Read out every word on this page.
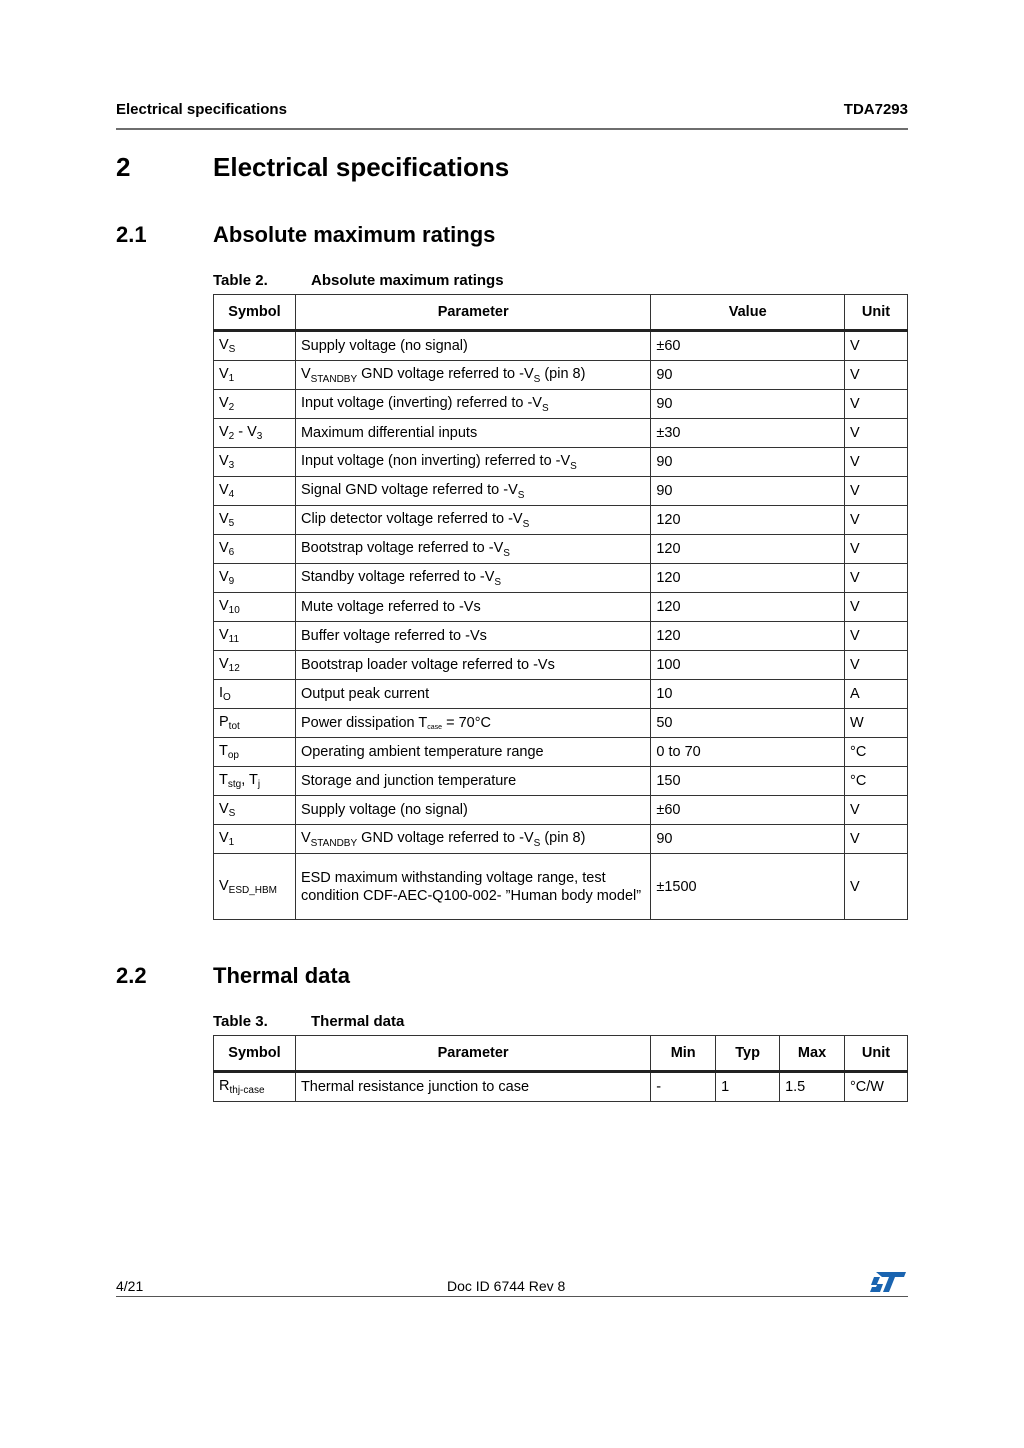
Electrical specifications	TDA7293
2	Electrical specifications
2.1	Absolute maximum ratings
Table 2.	Absolute maximum ratings
Symbol	Parameter	Value	Unit
$V_S$	Supply voltage (no signal)	±60	V
$V_1$	$V_{STANDBY}$ GND voltage referred to $-V_S$ (pin 8)	90	V
$V_2$	Input voltage (inverting) referred to $-V_S$	90	V
$V_2 - V_3$	Maximum differential inputs	±30	V
$V_3$	Input voltage (non inverting) referred to $-V_S$	90	V
$V_4$	Signal GND voltage referred to $-V_S$	90	V
$V_5$	Clip detector voltage referred to $-V_S$	120	V
$V_6$	Bootstrap voltage referred to $-V_S$	120	V
$V_9$	Standby voltage referred to $-V_S$	120	V
$V_{10}$	Mute voltage referred to -Vs	120	V
$V_{11}$	Buffer voltage referred to -Vs	120	V
$V_{12}$	Bootstrap loader voltage referred to -Vs	100	V
$I_O$	Output peak current	10	A
$P_{tot}$	Power dissipation Tcase = 70°C	50	W
$T_{op}$	Operating ambient temperature range	0 to 70	°C
$T_{stg}$, $T_j$	Storage and junction temperature	150	°C
$V_S$	Supply voltage (no signal)	±60	V
$V_1$	$V_{STANDBY}$ GND voltage referred to $-V_S$ (pin 8)	90	V
$V_{ESD\_HBM}$	ESD maximum withstanding voltage range, test condition CDF-AEC-Q100-002- ”Human body model”	±1500	V
2.2	Thermal data
Table 3.	Thermal data
Symbol	Parameter	Min	Typ	Max	Unit
$R_{thj-case}$	Thermal resistance junction to case	-	1	1.5	°C/W
4/21	Doc ID 6744 Rev 8
